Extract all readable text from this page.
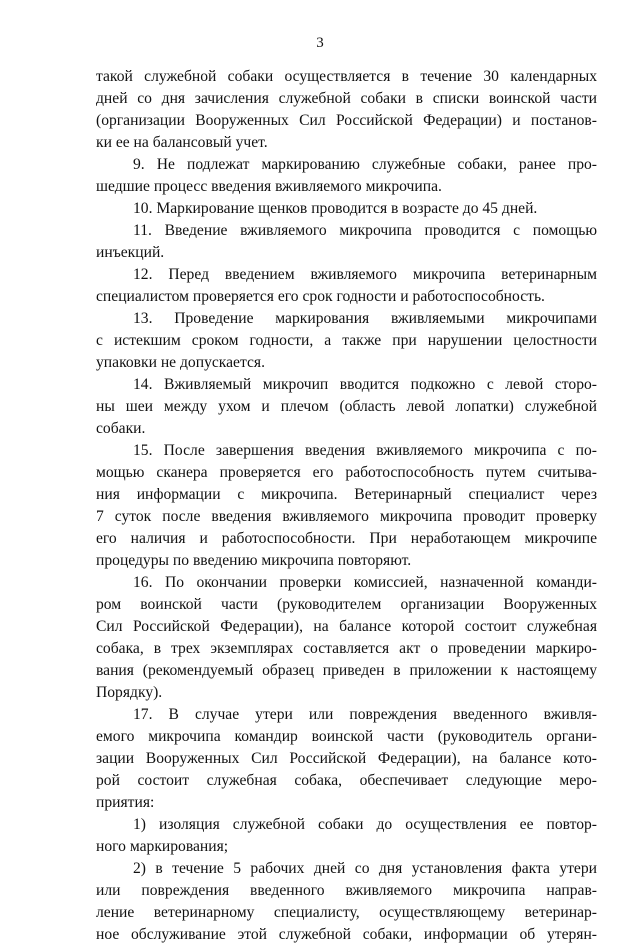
3
такой служебной собаки осуществляется в течение 30 календарных
дней со дня зачисления служебной собаки в списки воинской части
(организации Вооруженных Сил Российской Федерации) и постанов-
ки ее на балансовый учет.
9. Не подлежат маркированию служебные собаки, ранее про-
шедшие процесс введения вживляемого микрочипа.
10. Маркирование щенков проводится в возрасте до 45 дней.
11. Введение вживляемого микрочипа проводится с помощью
инъекций.
12. Перед введением вживляемого микрочипа ветеринарным
специалистом проверяется его срок годности и работоспособность.
13. Проведение маркирования вживляемыми микрочипами
с истекшим сроком годности, а также при нарушении целостности
упаковки не допускается.
14. Вживляемый микрочип вводится подкожно с левой сторо-
ны шеи между ухом и плечом (область левой лопатки) служебной
собаки.
15. После завершения введения вживляемого микрочипа с по-
мощью сканера проверяется его работоспособность путем считыва-
ния информации с микрочипа. Ветеринарный специалист через
7 суток после введения вживляемого микрочипа проводит проверку
его наличия и работоспособности. При неработающем микрочипе
процедуры по введению микрочипа повторяют.
16. По окончании проверки комиссией, назначенной команди-
ром воинской части (руководителем организации Вооруженных
Сил Российской Федерации), на балансе которой состоит служебная
собака, в трех экземплярах составляется акт о проведении маркиро-
вания (рекомендуемый образец приведен в приложении к настоящему
Порядку).
17. В случае утери или повреждения введенного вживля-
емого микрочипа командир воинской части (руководитель органи-
зации Вооруженных Сил Российской Федерации), на балансе кото-
рой состоит служебная собака, обеспечивает следующие меро-
приятия:
1) изоляция служебной собаки до осуществления ее повтор-
ного маркирования;
2) в течение 5 рабочих дней со дня установления факта утери
или повреждения введенного вживляемого микрочипа направ-
ление ветеринарному специалисту, осуществляющему ветеринар-
ное обслуживание этой служебной собаки, информации об утерян-
